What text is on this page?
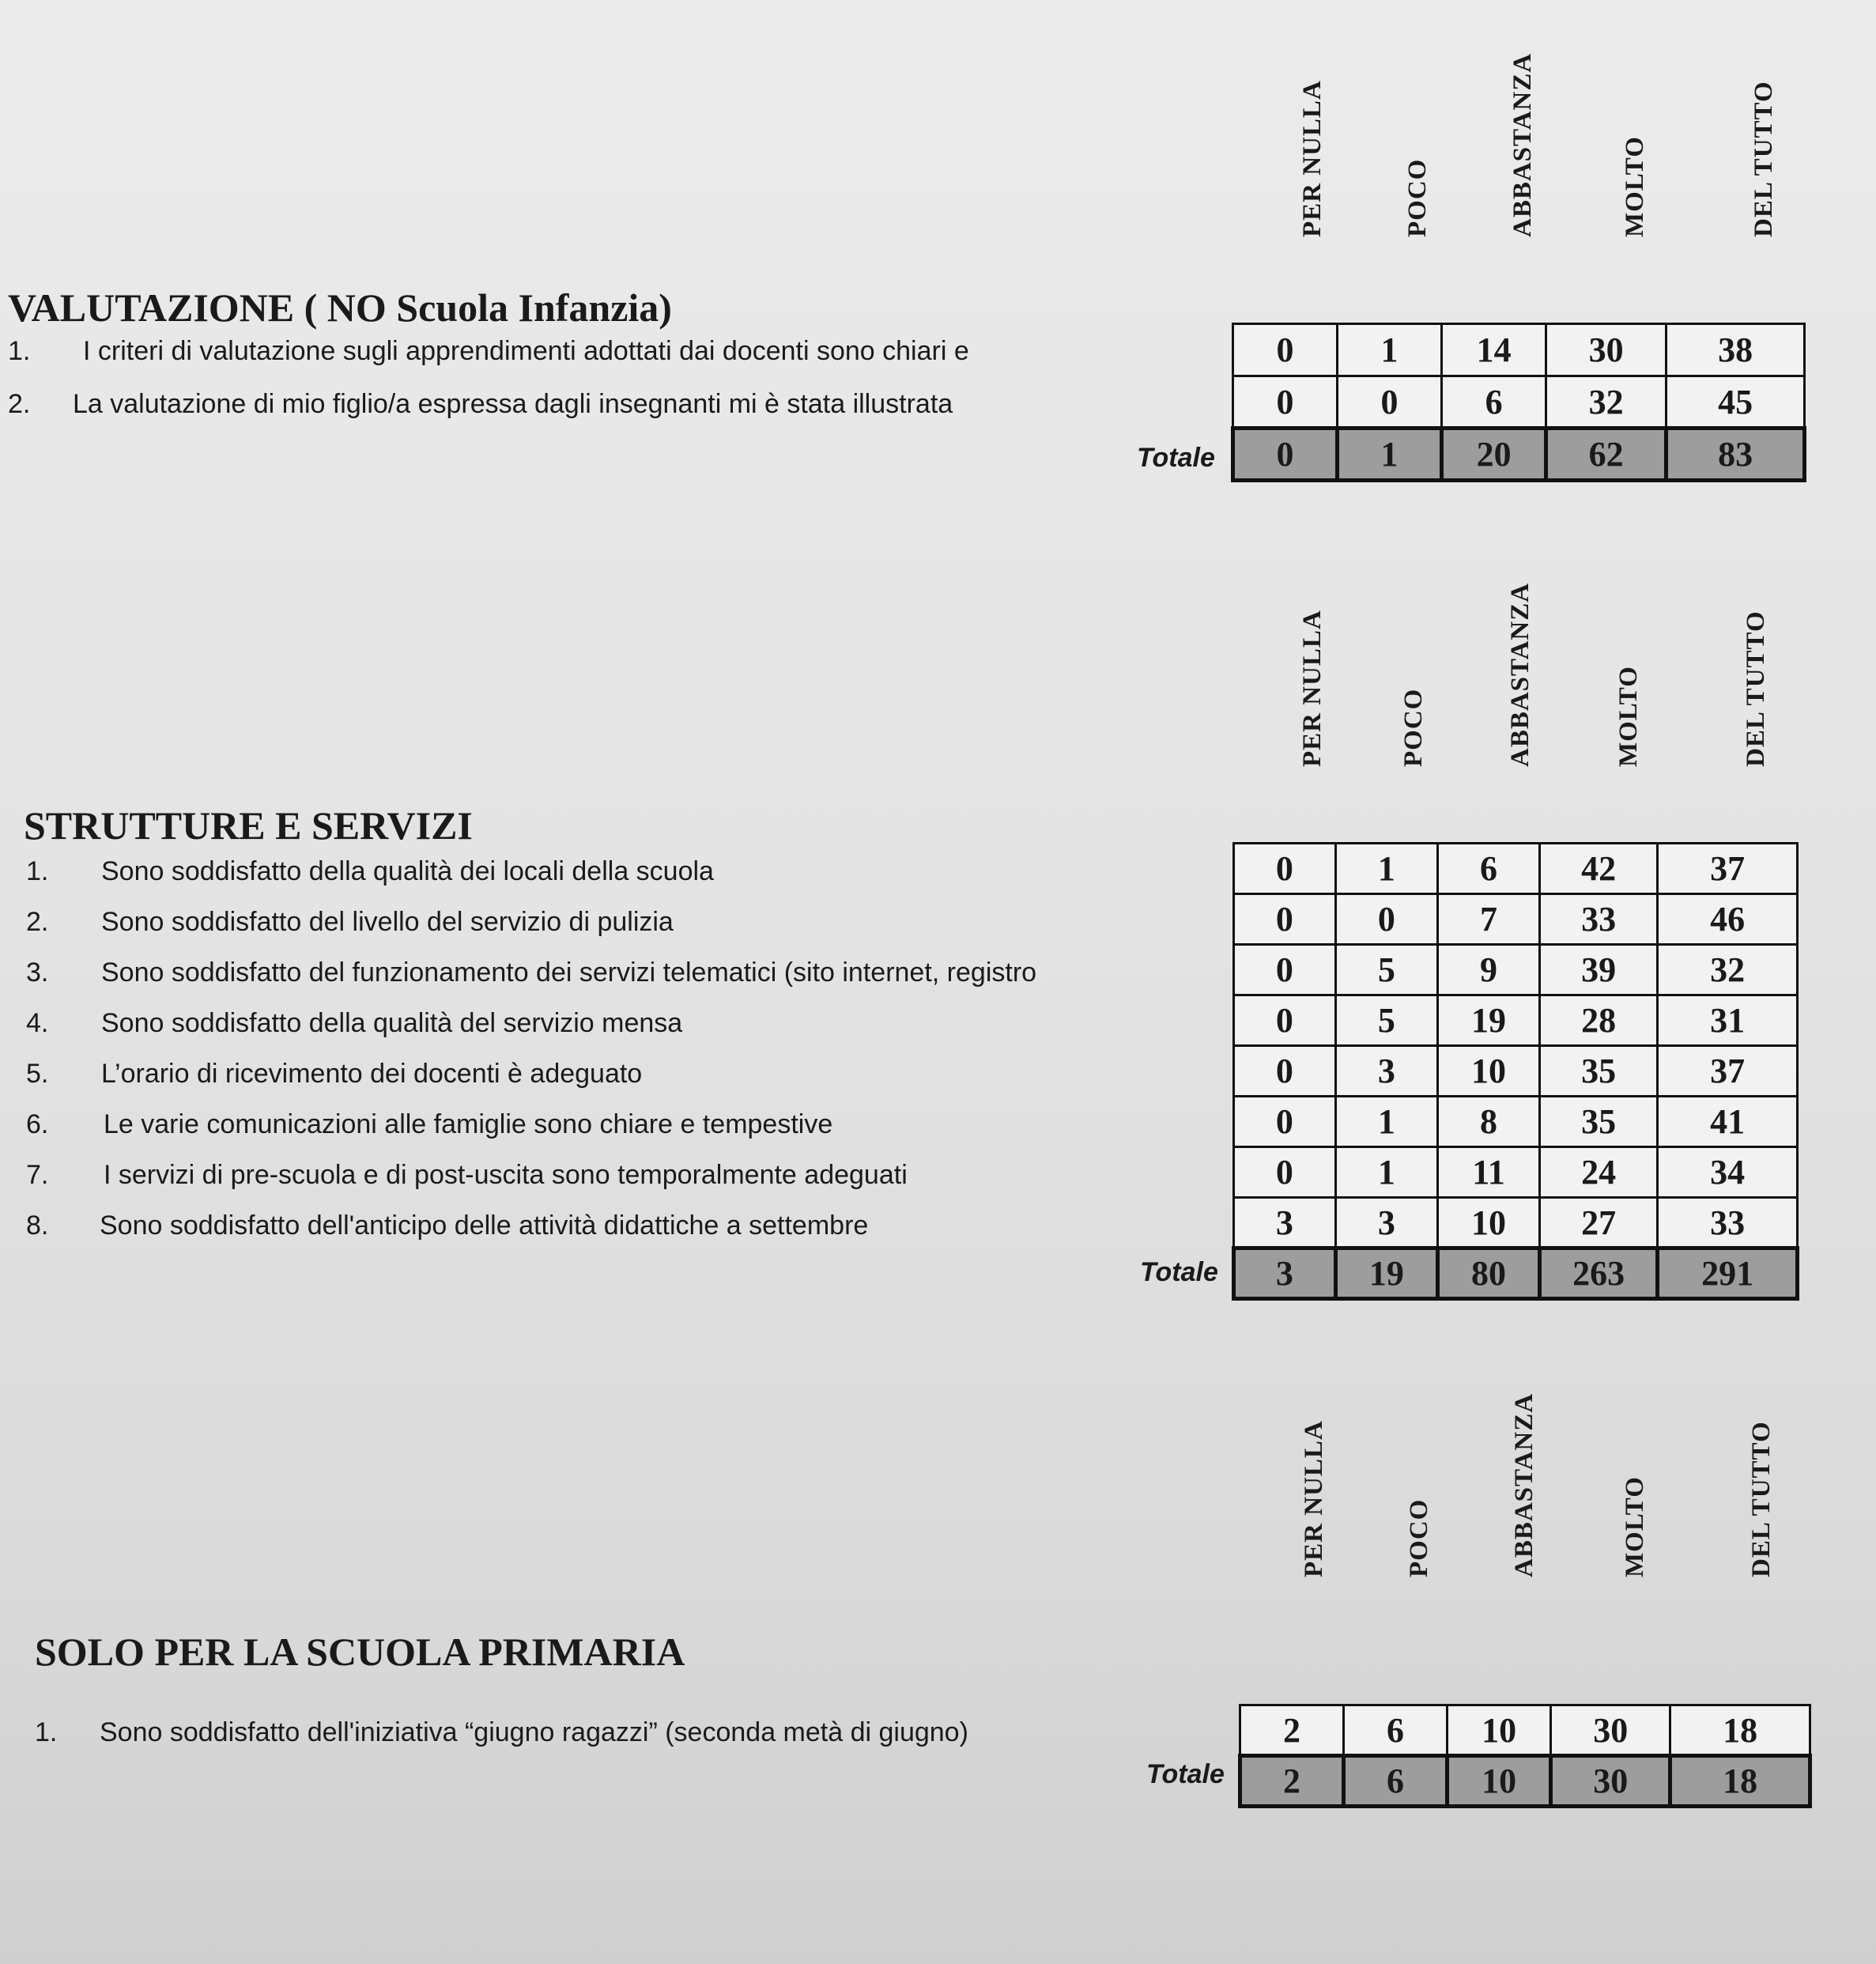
PER NULLA	POCO	ABBASTANZA	MOLTO	DEL TUTTO
VALUTAZIONE ( NO Scuola Infanzia)
1. I criteri di valutazione sugli apprendimenti adottati dai docenti sono chiari e
2. La valutazione di mio figlio/a espressa dagli insegnanti mi è stata illustrata
Totale
0	1	14	30	38
0	0	6	32	45
0	1	20	62	83
PER NULLA	POCO	ABBASTANZA	MOLTO	DEL TUTTO
STRUTTURE E SERVIZI
1. Sono soddisfatto della qualità dei locali della scuola
2. Sono soddisfatto del livello del servizio di pulizia
3. Sono soddisfatto del funzionamento dei servizi telematici (sito internet, registro
4. Sono soddisfatto della qualità del servizio mensa
5. L’orario di ricevimento dei docenti è adeguato
6. Le varie comunicazioni alle famiglie sono chiare e tempestive
7. I servizi di pre-scuola e di post-uscita sono temporalmente adeguati
8. Sono soddisfatto dell'anticipo delle attività didattiche a settembre
Totale
0	1	6	42	37
0	0	7	33	46
0	5	9	39	32
0	5	19	28	31
0	3	10	35	37
0	1	8	35	41
0	1	11	24	34
3	3	10	27	33
3	19	80	263	291
PER NULLA	POCO	ABBASTANZA	MOLTO	DEL TUTTO
SOLO PER LA SCUOLA PRIMARIA
1. Sono soddisfatto dell'iniziativa “giugno ragazzi” (seconda metà di giugno)
Totale
2	6	10	30	18
2	6	10	30	18
